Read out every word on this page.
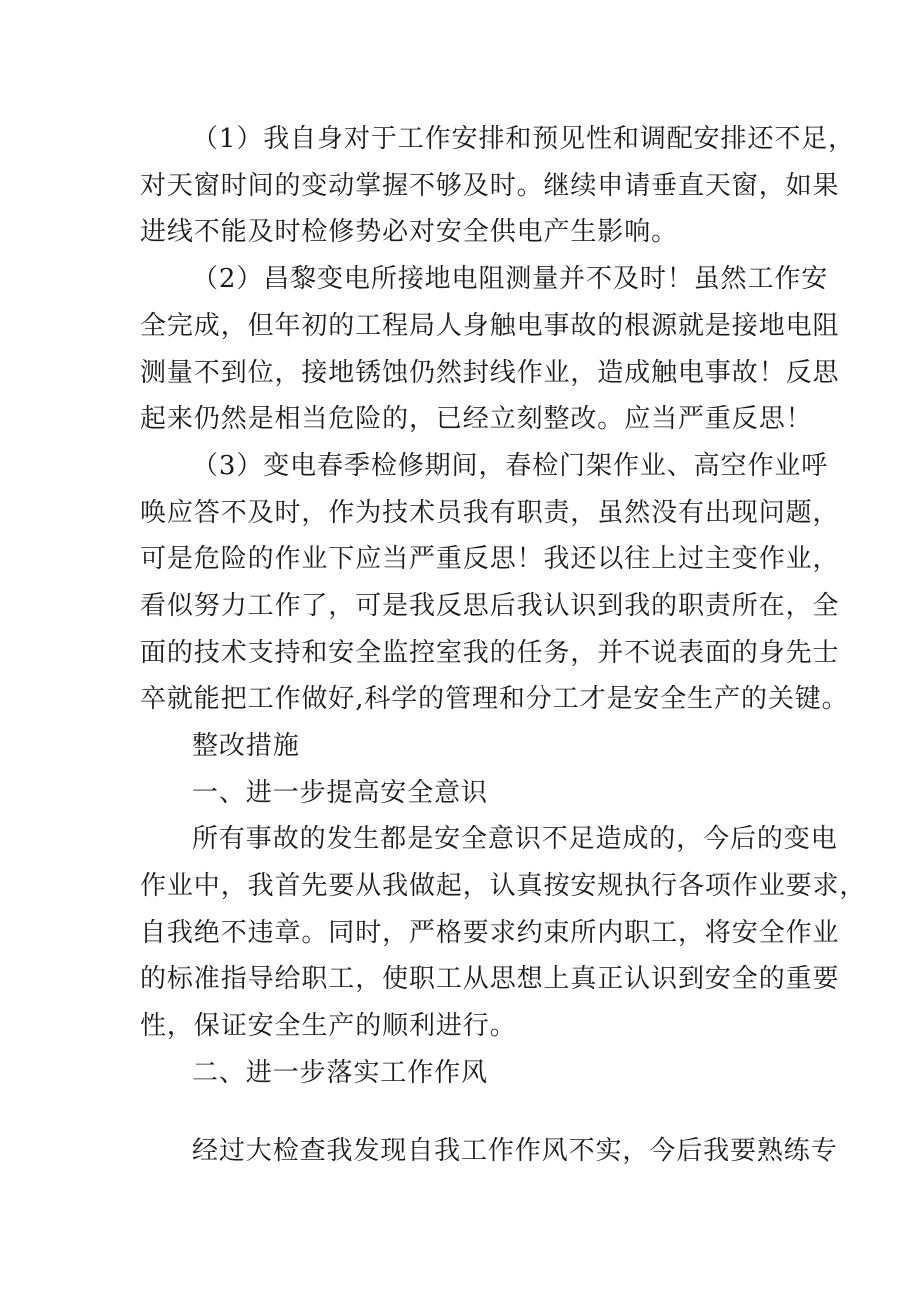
（1）我自身对于工作安排和预见性和调配安排还不足，
对天窗时间的变动掌握不够及时。继续申请垂直天窗，如果
进线不能及时检修势必对安全供电产生影响。
（2）昌黎变电所接地电阻测量并不及时！虽然工作安
全完成，但年初的工程局人身触电事故的根源就是接地电阻
测量不到位，接地锈蚀仍然封线作业，造成触电事故！反思
起来仍然是相当危险的，已经立刻整改。应当严重反思！
（3）变电春季检修期间，春检门架作业、高空作业呼
唤应答不及时，作为技术员我有职责，虽然没有出现问题，
可是危险的作业下应当严重反思！我还以往上过主变作业，
看似努力工作了，可是我反思后我认识到我的职责所在，全
面的技术支持和安全监控室我的任务，并不说表面的身先士
卒就能把工作做好,科学的管理和分工才是安全生产的关键。
整改措施
一、进一步提高安全意识
所有事故的发生都是安全意识不足造成的，今后的变电
作业中，我首先要从我做起，认真按安规执行各项作业要求，
自我绝不违章。同时，严格要求约束所内职工，将安全作业
的标准指导给职工，使职工从思想上真正认识到安全的重要
性，保证安全生产的顺利进行。
二、进一步落实工作作风
经过大检查我发现自我工作作风不实，今后我要熟练专
